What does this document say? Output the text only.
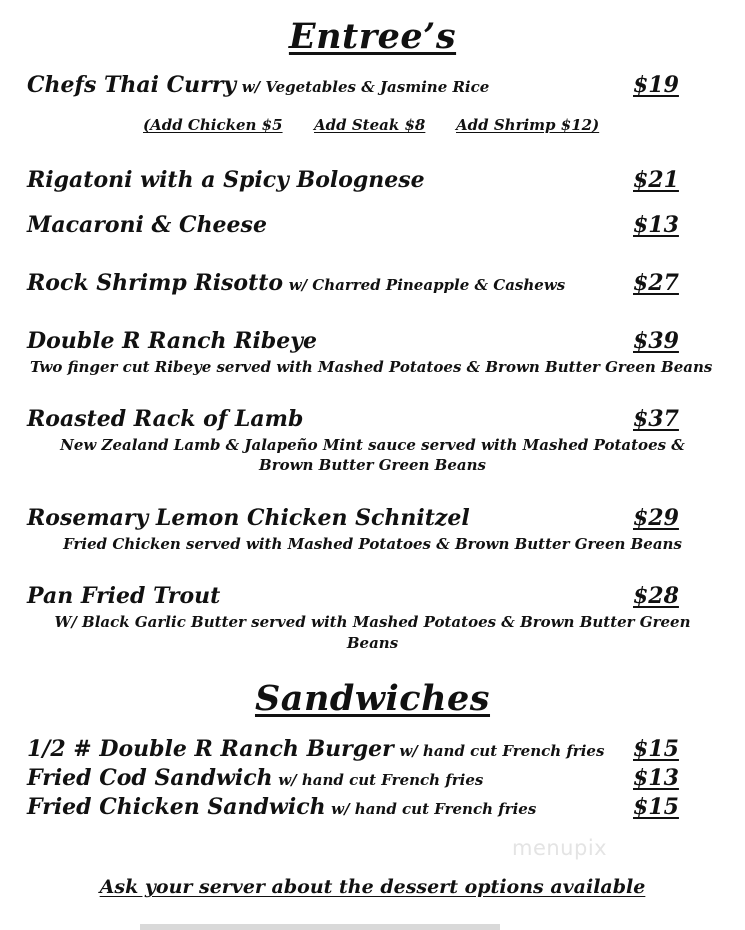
Entree’s
Chefs Thai Curry w/ Vegetables & Jasmine Rice	$19
(Add Chicken $5 Add Steak $8 Add Shrimp $12)
Rigatoni with a Spicy Bolognese	$21
Macaroni & Cheese	$13
Rock Shrimp Risotto w/ Charred Pineapple & Cashews	$27
Double R Ranch Ribeye	$39
Two finger cut Ribeye served with Mashed Potatoes & Brown Butter Green Beans
Roasted Rack of Lamb	$37
New Zealand Lamb & Jalapeño Mint sauce served with Mashed Potatoes &
Brown Butter Green Beans
Rosemary Lemon Chicken Schnitzel	$29
Fried Chicken served with Mashed Potatoes & Brown Butter Green Beans
Pan Fried Trout	$28
W/ Black Garlic Butter served with Mashed Potatoes & Brown Butter Green
Beans
Sandwiches
1/2 # Double R Ranch Burger w/ hand cut French fries $15
Fried Cod Sandwich w/ hand cut French fries	$13
Fried Chicken Sandwich w/ hand cut French fries	$15
menupix
Ask your server about the dessert options available
